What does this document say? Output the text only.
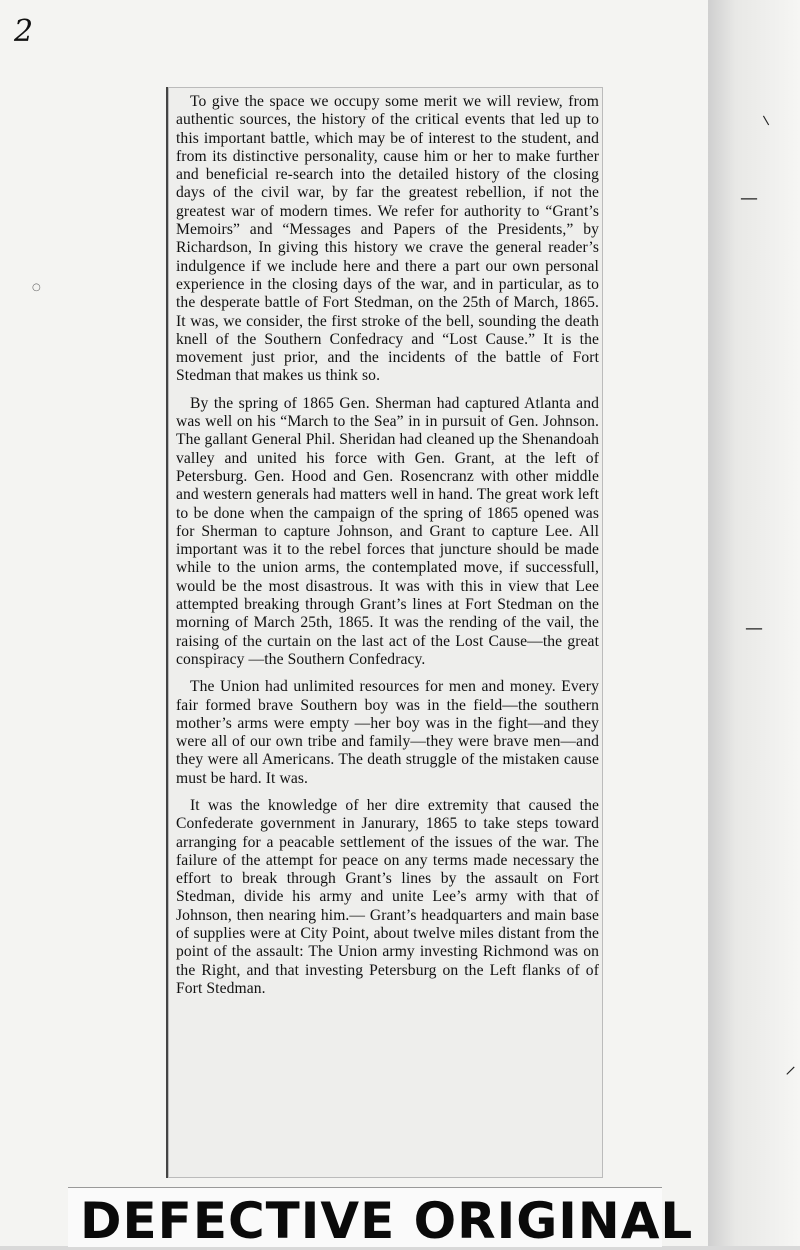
2

To give the space we occupy some merit we will review, from authentic sources, the history of the critical events that led up to this important battle, which may be of interest to the student, and from its distinctive personality, cause him or her to make further and beneficial re-search into the detailed history of the closing days of the civil war, by far the greatest rebellion, if not the greatest war of modern times. We refer for authority to “Grant’s Memoirs” and “Messages and Papers of the Presidents,” by Richardson, In giving this history we crave the general reader’s indulgence if we include here and there a part our own personal experience in the closing days of the war, and in particular, as to the desperate battle of Fort Stedman, on the 25th of March, 1865. It was, we consider, the first stroke of the bell, sounding the death knell of the Southern Confedracy and “Lost Cause.” It is the movement just prior, and the incidents of the battle of Fort Stedman that makes us think so.

By the spring of 1865 Gen. Sherman had captured Atlanta and was well on his “March to the Sea” in in pursuit of Gen. Johnson. The gallant General Phil. Sheridan had cleaned up the Shenandoah valley and united his force with Gen. Grant, at the left of Petersburg. Gen. Hood and Gen. Rosencranz with other middle and western generals had matters well in hand. The great work left to be done when the campaign of the spring of 1865 opened was for Sherman to capture Johnson, and Grant to capture Lee. All important was it to the rebel forces that juncture should be made while to the union arms, the contemplated move, if successfull, would be the most disastrous. It was with this in view that Lee attempted breaking through Grant’s lines at Fort Stedman on the morning of March 25th, 1865. It was the rending of the vail, the raising of the curtain on the last act of the Lost Cause—the great conspiracy —the Southern Confedracy.

The Union had unlimited resources for men and money. Every fair formed brave Southern boy was in the field—the southern mother’s arms were empty —her boy was in the fight—and they were all of our own tribe and family—they were brave men—and they were all Americans. The death struggle of the mistaken cause must be hard. It was.

It was the knowledge of her dire extremity that caused the Confederate government in Janurary, 1865 to take steps toward arranging for a peacable settlement of the issues of the war. The failure of the attempt for peace on any terms made necessary the effort to break through Grant’s lines by the assault on Fort Stedman, divide his army and unite Lee’s army with that of Johnson, then nearing him.— Grant’s headquarters and main base of supplies were at City Point, about twelve miles distant from the point of the assault: The Union army investing Richmond was on the Right, and that investing Petersburg on the Left flanks of of Fort Stedman.

⸜
—
—
⸝
○
DEFECTIVE ORIGINAL
